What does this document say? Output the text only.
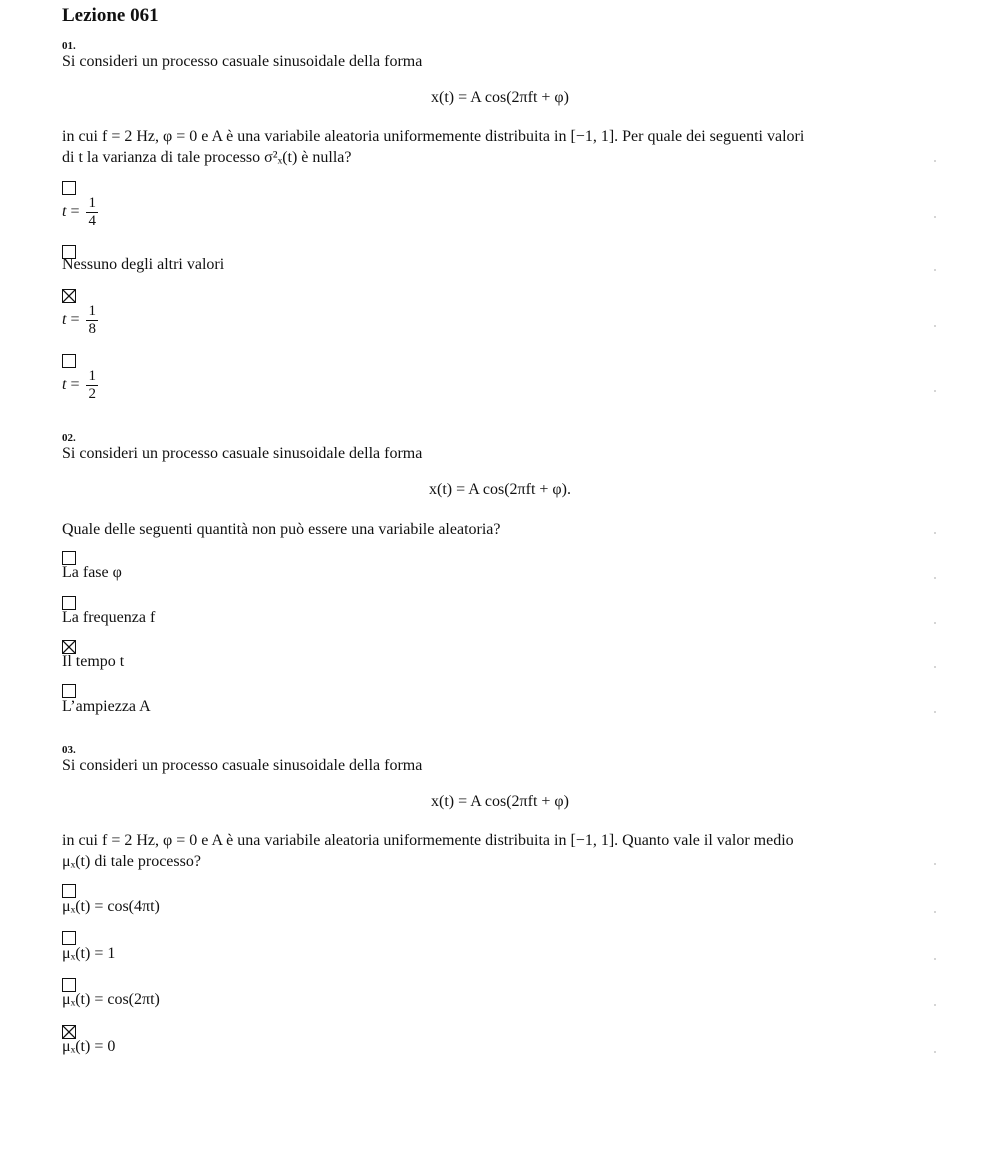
Lezione 061
01.
Si consideri un processo casuale sinusoidale della forma
x(t) = A cos(2πft + φ)
in cui f = 2 Hz, φ = 0 e A è una variabile aleatoria uniformemente distribuita in [−1, 1]. Per quale dei seguenti valori
di t la varianza di tale processo σ²ₓ(t) è nulla?
$t = \frac{1}{4}$
Nessuno degli altri valori
$t = \frac{1}{8}$
$t = \frac{1}{2}$
02.
Si consideri un processo casuale sinusoidale della forma
x(t) = A cos(2πft + φ).
Quale delle seguenti quantità non può essere una variabile aleatoria?
La fase φ
La frequenza f
Il tempo t
L’ampiezza A
03.
Si consideri un processo casuale sinusoidale della forma
x(t) = A cos(2πft + φ)
in cui f = 2 Hz, φ = 0 e A è una variabile aleatoria uniformemente distribuita in [−1, 1]. Quanto vale il valor medio
μₓ(t) di tale processo?
μₓ(t) = cos(4πt)
μₓ(t) = 1
μₓ(t) = cos(2πt)
μₓ(t) = 0
